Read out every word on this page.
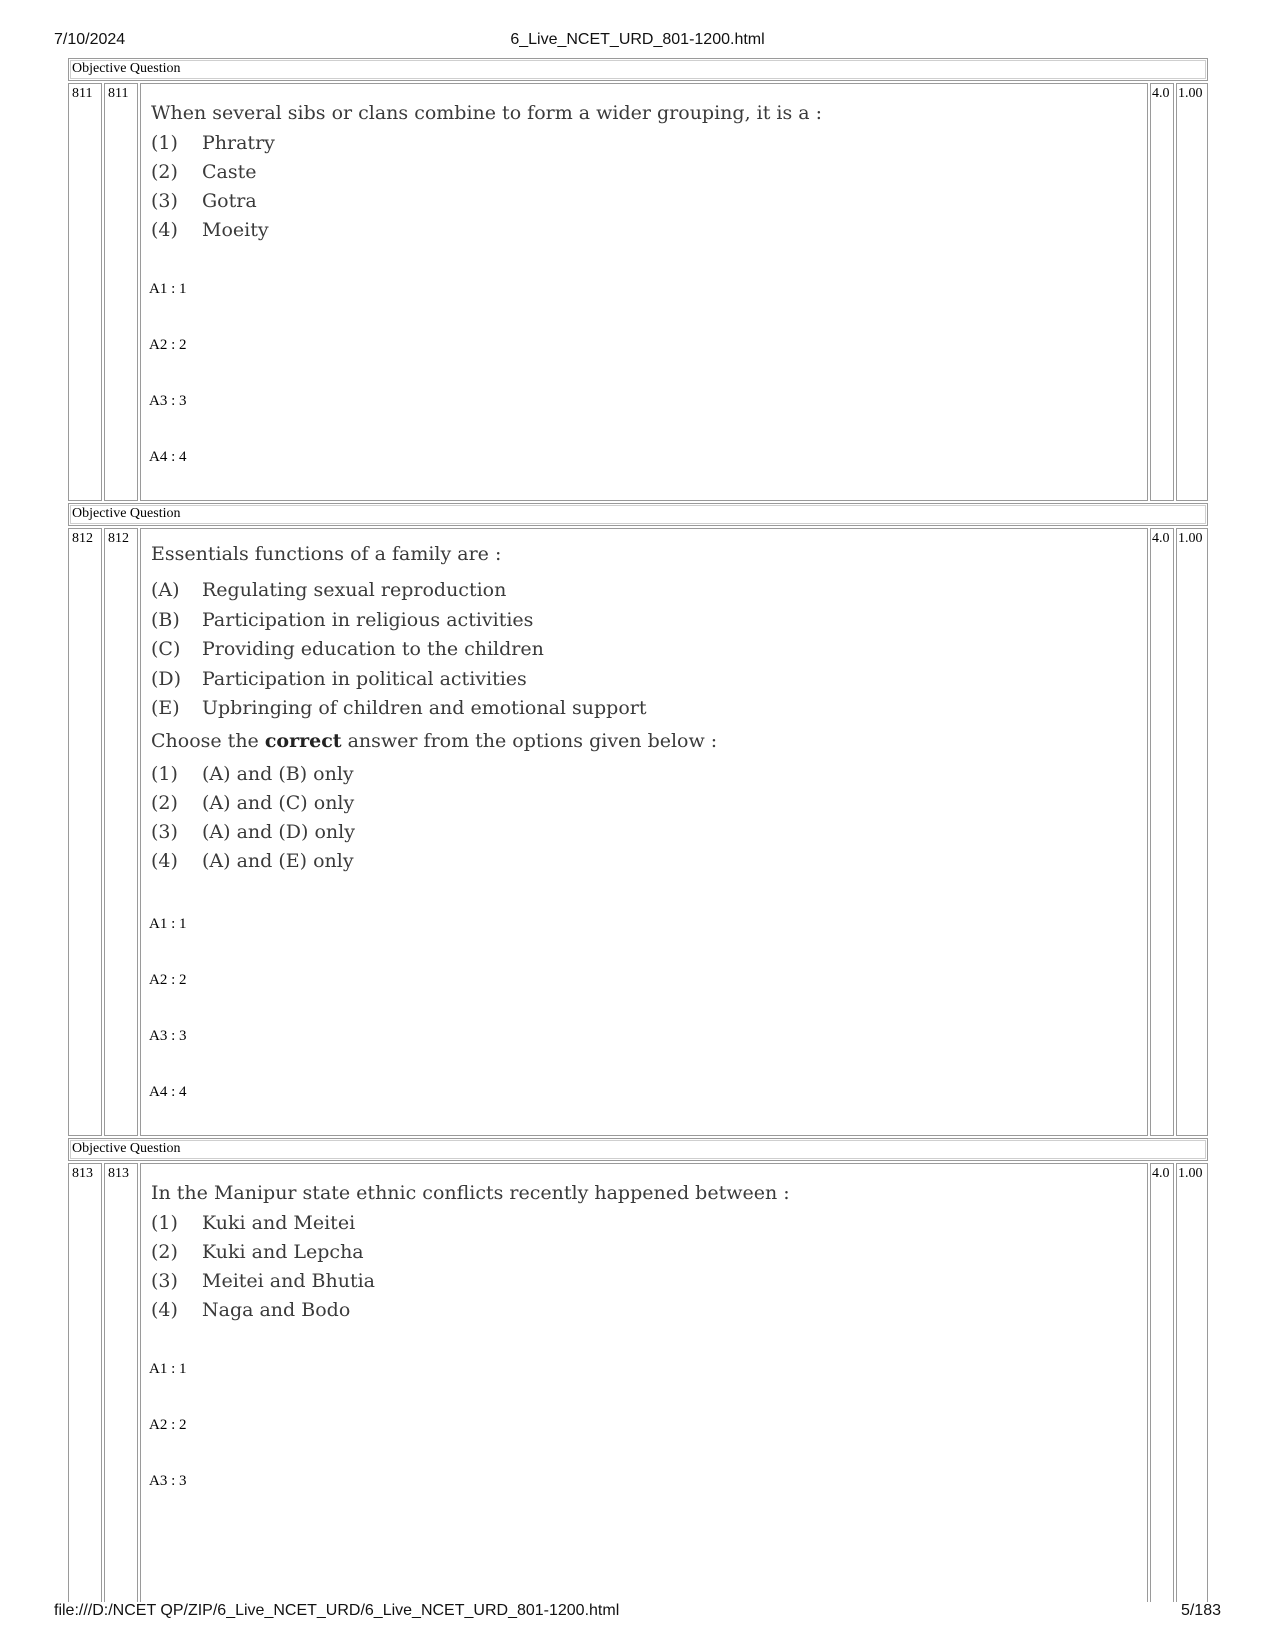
7/10/2024	6_Live_NCET_URD_801-1200.html
Objective Question
811	811
When several sibs or clans combine to form a wider grouping, it is a :
(1)	Phratry
(2)	Caste
(3)	Gotra
(4)	Moeity
A1 : 1
A2 : 2
A3 : 3
A4 : 4
4.0 1.00
Objective Question
812	812
Essentials functions of a family are :
(A)	Regulating sexual reproduction
(B)	Participation in religious activities
(C)	Providing education to the children
(D)	Participation in political activities
(E)	Upbringing of children and emotional support
Choose the correct answer from the options given below :
(1)	(A) and (B) only
(2)	(A) and (C) only
(3)	(A) and (D) only
(4)	(A) and (E) only
A1 : 1
A2 : 2
A3 : 3
A4 : 4
4.0 1.00
Objective Question
813	813
In the Manipur state ethnic conflicts recently happened between :
(1)	Kuki and Meitei
(2)	Kuki and Lepcha
(3)	Meitei and Bhutia
(4)	Naga and Bodo
A1 : 1
A2 : 2
A3 : 3
4.0 1.00
file:///D:/NCET QP/ZIP/6_Live_NCET_URD/6_Live_NCET_URD_801-1200.html	5/183
